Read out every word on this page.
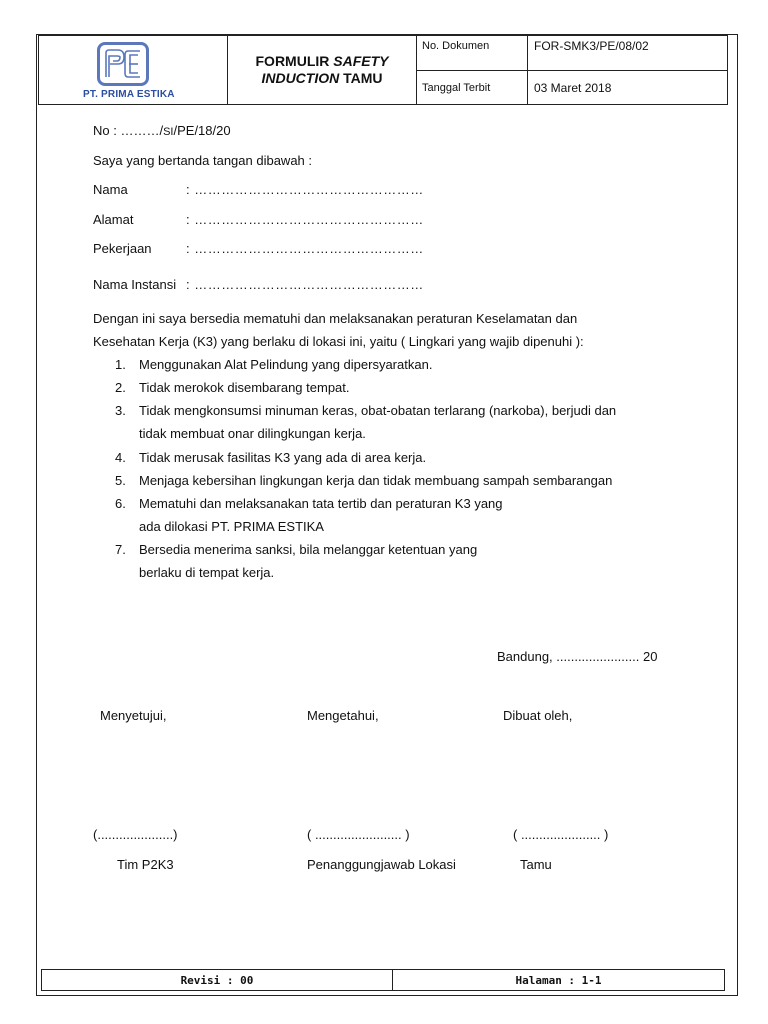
PT. PRIMA ESTIKA	FORMULIR SAFETY
INDUCTION TAMU	No. Dokumen	FOR-SMK3/PE/08/02
		Tanggal Terbit	03 Maret 2018
No : ………/SI/PE/18/20
Saya yang bertanda tangan dibawah :
Nama	: ……………………………………………
Alamat	: ……………………………………………
Pekerjaan	: ……………………………………………
Nama Instansi : ……………………………………………
Dengan ini saya bersedia mematuhi dan melaksanakan peraturan Keselamatan dan
Kesehatan Kerja (K3) yang berlaku di lokasi ini, yaitu ( Lingkari yang wajib dipenuhi ):
1. Menggunakan Alat Pelindung yang dipersyaratkan.
2. Tidak merokok disembarang tempat.
3. Tidak mengkonsumsi minuman keras, obat-obatan terlarang (narkoba), berjudi dan
tidak membuat onar dilingkungan kerja.
4. Tidak merusak fasilitas K3 yang ada di area kerja.
5. Menjaga kebersihan lingkungan kerja dan tidak membuang sampah sembarangan
6. Mematuhi dan melaksanakan tata tertib dan peraturan K3 yang
ada dilokasi PT. PRIMA ESTIKA
7. Bersedia menerima sanksi, bila melanggar ketentuan yang
berlaku di tempat kerja.
Bandung, ....................... 20
Menyetujui,	Mengetahui,	Dibuat oleh,
(.....................)	( ........................ )	( ...................... )
Tim P2K3	Penanggungjawab Lokasi	Tamu
Revisi : 00	Halaman : 1-1
